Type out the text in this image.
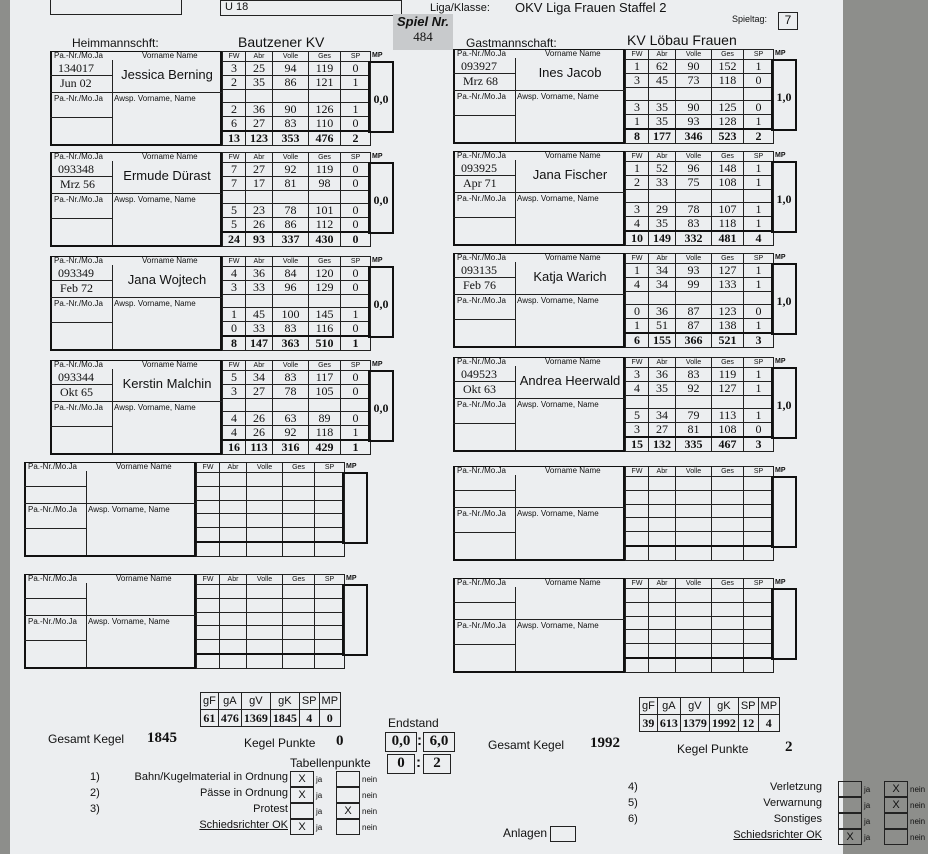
U 18	Liga/Klasse: OKV Liga Frauen Staffel 2
Spieltag:	7
Spiel Nr.
484
Heimmannschft:	Bautzener KV	Gastmannschaft:	KV Löbau Frauen
Pa.-Nr./Mo.Ja	Vorname Name
Pa.-Nr./Mo.Ja Awsp. Vorname, Name
134017
Jun 02
Jessica Berning
FW	Abr	Volle	Ges	SP
3	25	94	119	0
2	35	86	121	1

2	36	90	126	1
6	27	83	110	0
13	123	353	476	2
MP
0,0
Pa.-Nr./Mo.Ja	Vorname Name
Pa.-Nr./Mo.Ja Awsp. Vorname, Name
093348
Mrz 56
Ermude Dürast
FW	Abr	Volle	Ges	SP
7	27	92	119	0
7	17	81	98	0

5	23	78	101	0
5	26	86	112	0
24	93	337	430	0
MP
0,0
Pa.-Nr./Mo.Ja	Vorname Name
Pa.-Nr./Mo.Ja Awsp. Vorname, Name
093349
Feb 72
Jana Wojtech
FW	Abr	Volle	Ges	SP
4	36	84	120	0
3	33	96	129	0

1	45	100	145	1
0	33	83	116	0
8	147	363	510	1
MP
0,0
Pa.-Nr./Mo.Ja	Vorname Name
Pa.-Nr./Mo.Ja Awsp. Vorname, Name
093344
Okt 65
Kerstin Malchin
FW	Abr	Volle	Ges	SP
5	34	83	117	0
3	27	78	105	0

4	26	63	89	0
4	26	92	118	1
16	113	316	429	1
MP
0,0
Pa.-Nr./Mo.Ja	Vorname Name
Pa.-Nr./Mo.Ja Awsp. Vorname, Name
093927
Mrz 68
Ines Jacob
FW	Abr	Volle	Ges	SP
1	62	90	152	1
3	45	73	118	0

3	35	90	125	0
1	35	93	128	1
8	177	346	523	2
MP
1,0
Pa.-Nr./Mo.Ja	Vorname Name
Pa.-Nr./Mo.Ja Awsp. Vorname, Name
093925
Apr 71
Jana Fischer
FW	Abr	Volle	Ges	SP
1	52	96	148	1
2	33	75	108	1

3	29	78	107	1
4	35	83	118	1
10	149	332	481	4
MP
1,0
Pa.-Nr./Mo.Ja	Vorname Name
Pa.-Nr./Mo.Ja Awsp. Vorname, Name
093135
Feb 76
Katja Warich
FW	Abr	Volle	Ges	SP
1	34	93	127	1
4	34	99	133	1

0	36	87	123	0
1	51	87	138	1
6	155	366	521	3
MP
1,0
Pa.-Nr./Mo.Ja	Vorname Name
Pa.-Nr./Mo.Ja Awsp. Vorname, Name
049523
Okt 63
Andrea Heerwald
FW	Abr	Volle	Ges	SP
3	36	83	119	1
4	35	92	127	1

5	34	79	113	1
3	27	81	108	0
15	132	335	467	3
MP
1,0
Pa.-Nr./Mo.Ja	Vorname Name
Pa.-Nr./Mo.Ja Awsp. Vorname, Name
FW	Abr	Volle	Ges	SP

				MP
Pa.-Nr./Mo.Ja	Vorname Name
Pa.-Nr./Mo.Ja Awsp. Vorname, Name
FW	Abr	Volle	Ges	SP

				MP
Pa.-Nr./Mo.Ja	Vorname Name
Pa.-Nr./Mo.Ja Awsp. Vorname, Name
FW	Abr	Volle	Ges	SP

				MP
Pa.-Nr./Mo.Ja	Vorname Name
Pa.-Nr./Mo.Ja Awsp. Vorname, Name
FW	Abr	Volle	Ges	SP

				MP
gF	gA	gV	gK	SP	MP
61	476	1369	1845	4	0
gF	gA	gV	gK	SP	MP
39	613	1379	1992	12	4
Endstand
Gesamt Kegel 1845	Kegel Punkte 0	0,0 : 6,0
Tabellenpunkte	0 : 2
Gesamt Kegel 1992	Kegel Punkte 2
1)	Bahn/Kugelmaterial in Ordnung X	ja	nein
2)	Pässe in Ordnung X	ja	nein
3)	Protest	ja	X	nein
Schiedsrichter OK X	ja	nein
4)	Verletzung	ja	X	nein
5)	Verwarnung	ja	X	nein
6)	Sonstiges	ja	nein
Schiedsrichter OK	X	ja	nein
Anlagen
